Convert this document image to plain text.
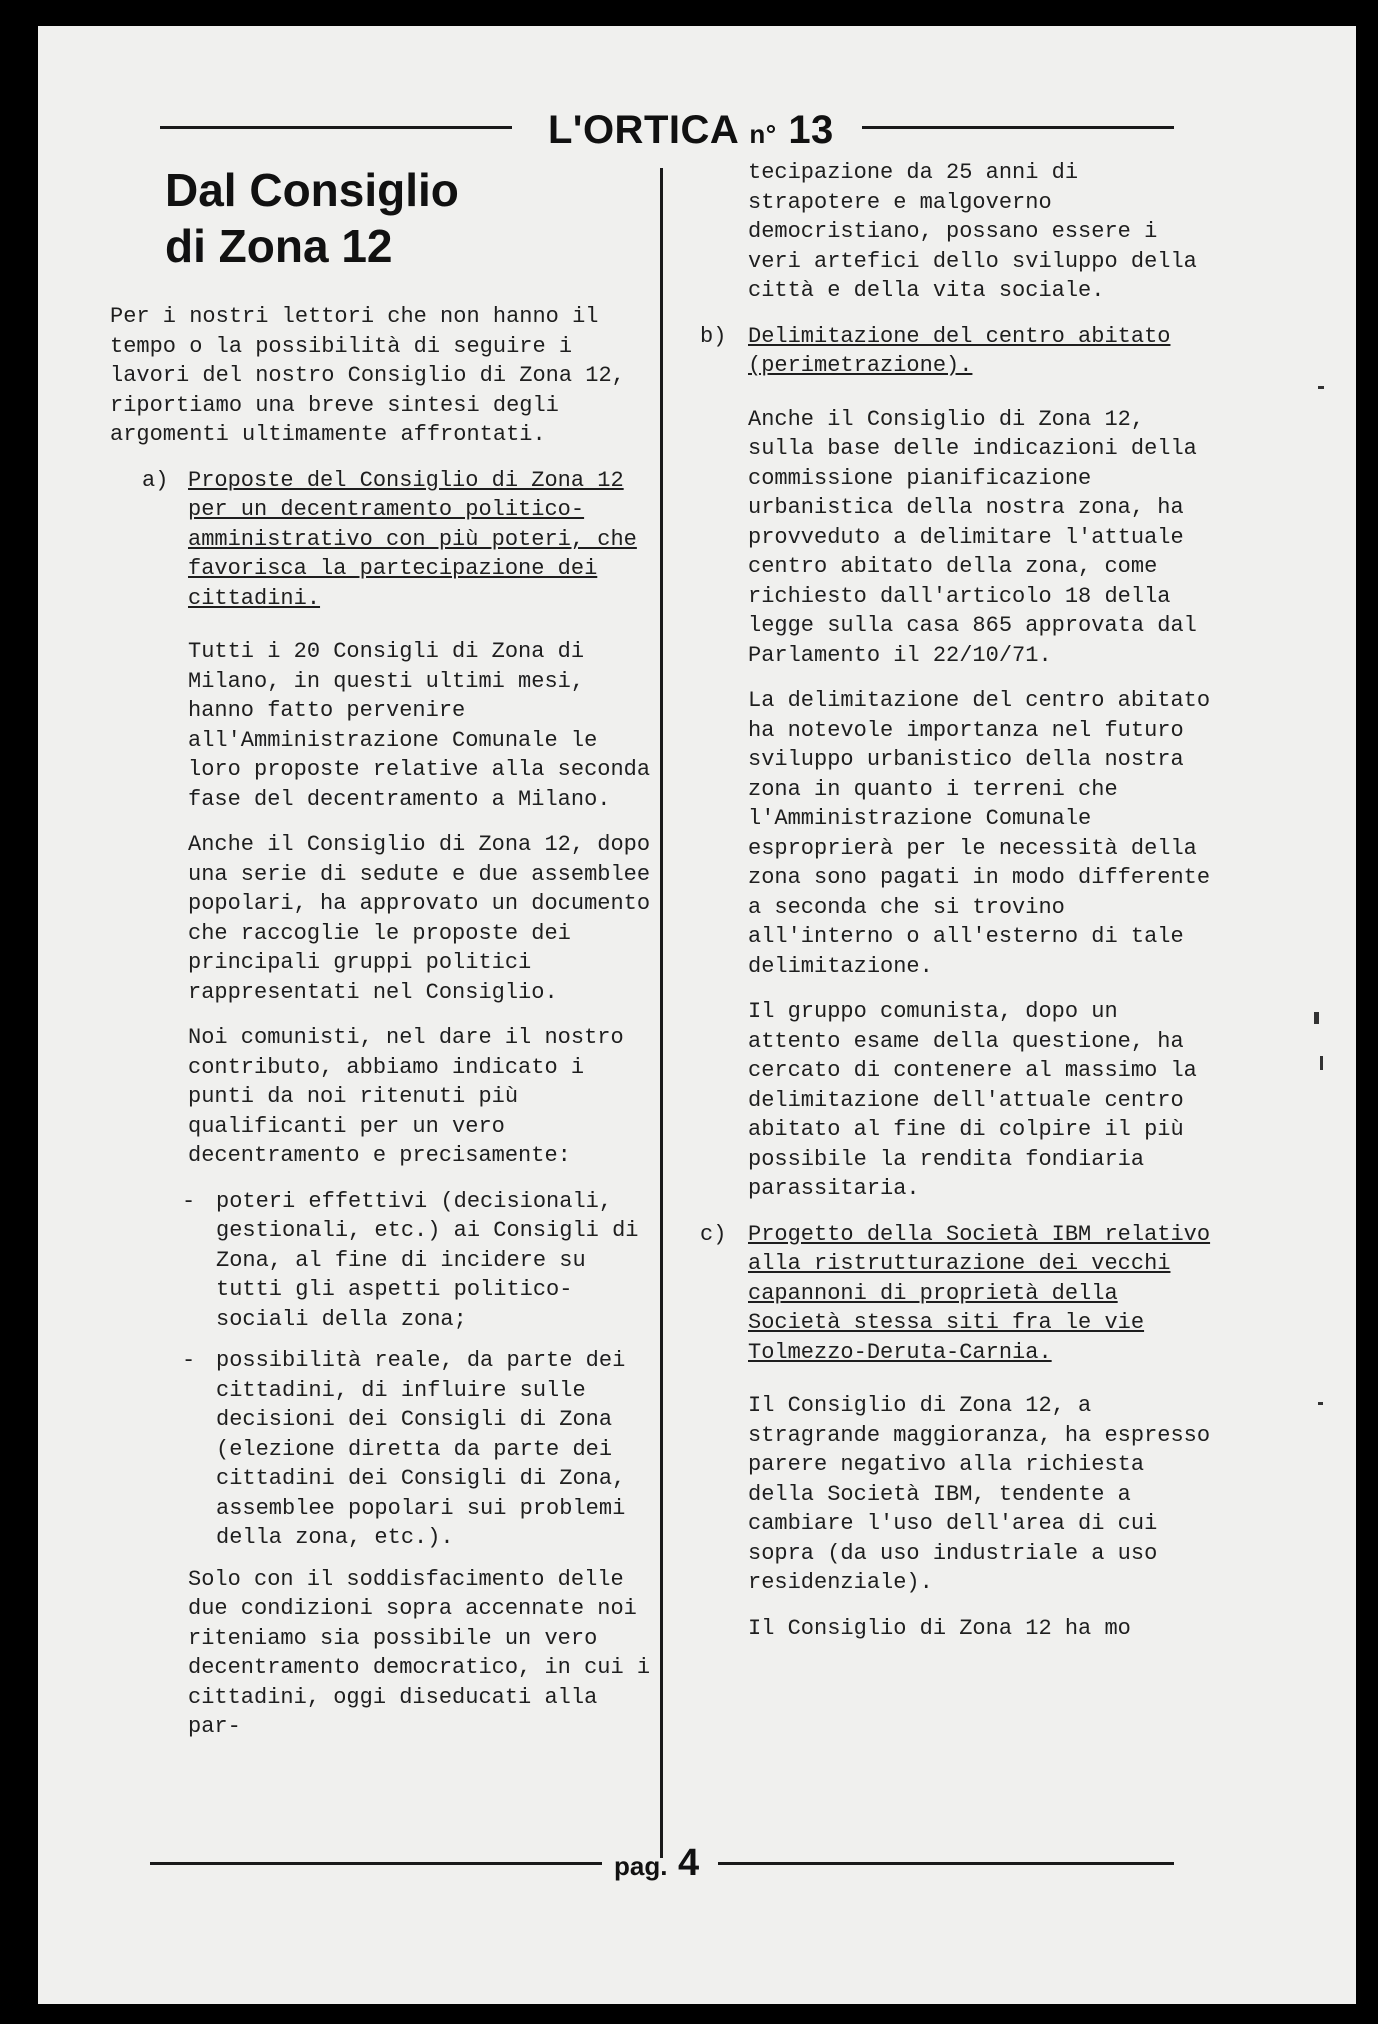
L'ORTICA n° 13
Dal Consiglio
di Zona 12

Per i nostri lettori che non hanno il tempo o la possibilità di seguire i lavori del nostro Consiglio di Zona 12, riportiamo una breve sintesi degli argomenti ultimamente affrontati.

a) Proposte del Consiglio di Zona 12 per un decentramento politico-amministrativo con più poteri, che favorisca la partecipazione dei cittadini.

Tutti i 20 Consigli di Zona di Milano, in questi ultimi mesi, hanno fatto pervenire all'Amministrazione Comunale le loro proposte relative alla seconda fase del decentramento a Milano.

Anche il Consiglio di Zona 12, dopo una serie di sedute e due assemblee popolari, ha approvato un documento che raccoglie le proposte dei principali gruppi politici rappresentati nel Consiglio.

Noi comunisti, nel dare il nostro contributo, abbiamo indicato i punti da noi ritenuti più qualificanti per un vero decentramento e precisamente:

- poteri effettivi (decisionali, gestionali, etc.) ai Consigli di Zona, al fine di incidere su tutti gli aspetti politico-sociali della zona;
- possibilità reale, da parte dei cittadini, di influire sulle decisioni dei Consigli di Zona (elezione diretta da parte dei cittadini dei Consigli di Zona, assemblee popolari sui problemi della zona, etc.).

Solo con il soddisfacimento delle due condizioni sopra accennate noi riteniamo sia possibile un vero decentramento democratico, in cui i cittadini, oggi diseducati alla par-

tecipazione da 25 anni di strapotere e malgoverno democristiano, possano essere i veri artefici dello sviluppo della città e della vita sociale.

b) Delimitazione del centro abitato (perimetrazione).

Anche il Consiglio di Zona 12, sulla base delle indicazioni della commissione pianificazione urbanistica della nostra zona, ha provveduto a delimitare l'attuale centro abitato della zona, come richiesto dall'articolo 18 della legge sulla casa 865 approvata dal Parlamento il 22/10/71.

La delimitazione del centro abitato ha notevole importanza nel futuro sviluppo urbanistico della nostra zona in quanto i terreni che l'Amministrazione Comunale esproprierà per le necessità della zona sono pagati in modo differente a seconda che si trovino all'interno o all'esterno di tale delimitazione.

Il gruppo comunista, dopo un attento esame della questione, ha cercato di contenere al massimo la delimitazione dell'attuale centro abitato al fine di colpire il più possibile la rendita fondiaria parassitaria.

c) Progetto della Società IBM relativo alla ristrutturazione dei vecchi capannoni di proprietà della Società stessa siti fra le vie Tolmezzo-Deruta-Carnia.

Il Consiglio di Zona 12, a stragrande maggioranza, ha espresso parere negativo alla richiesta della Società IBM, tendente a cambiare l'uso dell'area di cui sopra (da uso industriale a uso residenziale).

Il Consiglio di Zona 12 ha mo

pag. 4
